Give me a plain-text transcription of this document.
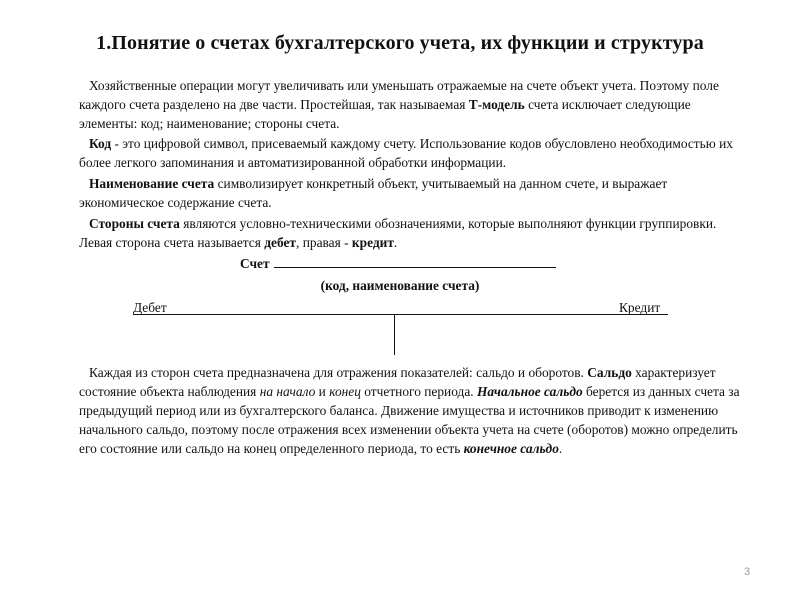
1.Понятие о счетах бухгалтерского учета, их функции и структура

Хозяйственные операции могут увеличивать или уменьшать отражаемые на счете объект учета. Поэтому поле каждого счета разделено на две части. Простейшая, так называемая Т-модель счета исключает следующие элементы: код; наименование; стороны счета.

Код - это цифровой символ, присеваемый каждому счету. Использование кодов обусловлено необходимостью их более легкого запоминания и автоматизированной обработки информации.

Наименование счета символизирует конкретный объект, учитываемый на данном счете, и выражает экономическое содержание счета.

Стороны счета являются условно-техническими обозначениями, которые выполняют функции группировки. Левая сторона счета называется дебет, правая - кредит.

Счет
(код, наименование счета)
Дебет	Кредит

Каждая из сторон счета предназначена для отражения показателей: сальдо и оборотов. Сальдо характеризует состояние объекта наблюдения на начало и конец отчетного периода. Начальное сальдо берется из данных счета за предыдущий период или из бухгалтерского баланса. Движение имущества и источников приводит к изменению начального сальдо, поэтому после отражения всех изменении объекта учета на счете (оборотов) можно определить его состояние или сальдо на конец определенного периода, то есть конечное сальдо.

3
